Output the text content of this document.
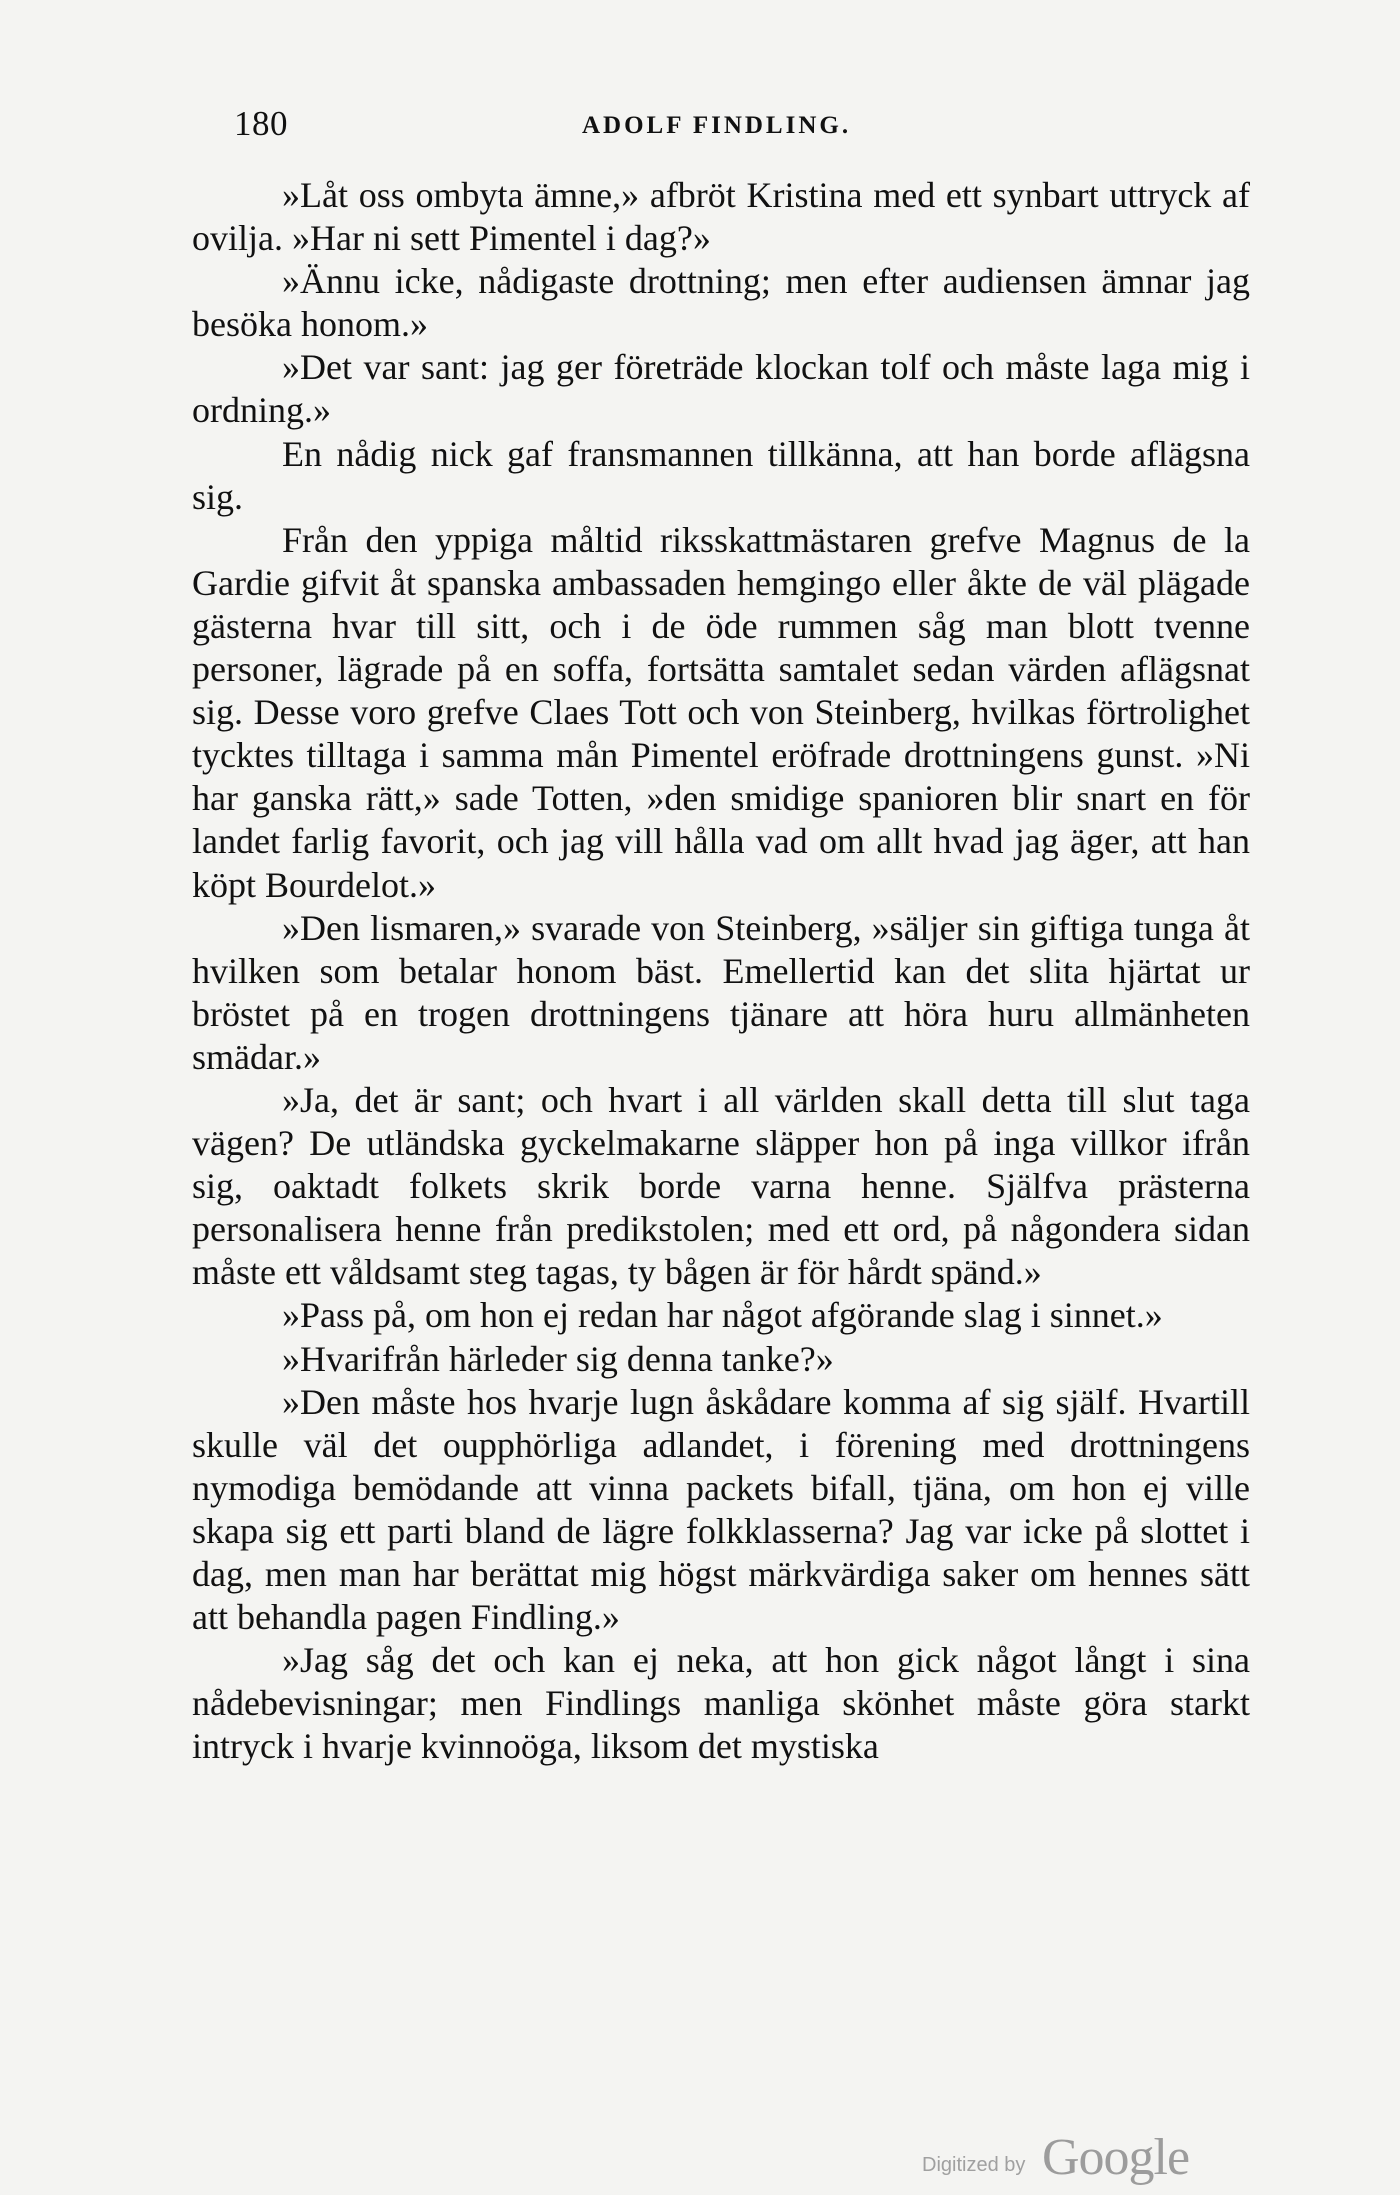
180	ADOLF FINDLING.

»Låt oss ombyta ämne,» afbröt Kristina med ett synbart uttryck af ovilja. »Har ni sett Pimentel i dag?»

»Ännu icke, nådigaste drottning; men efter audiensen ämnar jag besöka honom.»

»Det var sant: jag ger företräde klockan tolf och måste laga mig i ordning.»

En nådig nick gaf fransmannen tillkänna, att han borde aflägsna sig.

Från den yppiga måltid riksskattmästaren grefve Magnus de la Gardie gifvit åt spanska ambassaden hemgingo eller åkte de väl plägade gästerna hvar till sitt, och i de öde rummen såg man blott tvenne personer, lägrade på en soffa, fortsätta samtalet sedan värden aflägsnat sig. Desse voro grefve Claes Tott och von Steinberg, hvilkas förtrolighet tycktes tilltaga i samma mån Pimentel eröfrade drottningens gunst. »Ni har ganska rätt,» sade Totten, »den smidige spanioren blir snart en för landet farlig favorit, och jag vill hålla vad om allt hvad jag äger, att han köpt Bourdelot.»

»Den lismaren,» svarade von Steinberg, »säljer sin giftiga tunga åt hvilken som betalar honom bäst. Emellertid kan det slita hjärtat ur bröstet på en trogen drottningens tjänare att höra huru allmänheten smädar.»

»Ja, det är sant; och hvart i all världen skall detta till slut taga vägen? De utländska gyckelmakarne släpper hon på inga villkor ifrån sig, oaktadt folkets skrik borde varna henne. Själfva prästerna personalisera henne från predikstolen; med ett ord, på någondera sidan måste ett våldsamt steg tagas, ty bågen är för hårdt spänd.»

»Pass på, om hon ej redan har något afgörande slag i sinnet.»

»Hvarifrån härleder sig denna tanke?»

»Den måste hos hvarje lugn åskådare komma af sig själf. Hvartill skulle väl det oupphörliga adlandet, i förening med drottningens nymodiga bemödande att vinna packets bifall, tjäna, om hon ej ville skapa sig ett parti bland de lägre folkklasserna? Jag var icke på slottet i dag, men man har berättat mig högst märkvärdiga saker om hennes sätt att behandla pagen Findling.»

»Jag såg det och kan ej neka, att hon gick något långt i sina nådebevisningar; men Findlings manliga skönhet måste göra starkt intryck i hvarje kvinnoöga, liksom det mystiska

Digitized by Google
